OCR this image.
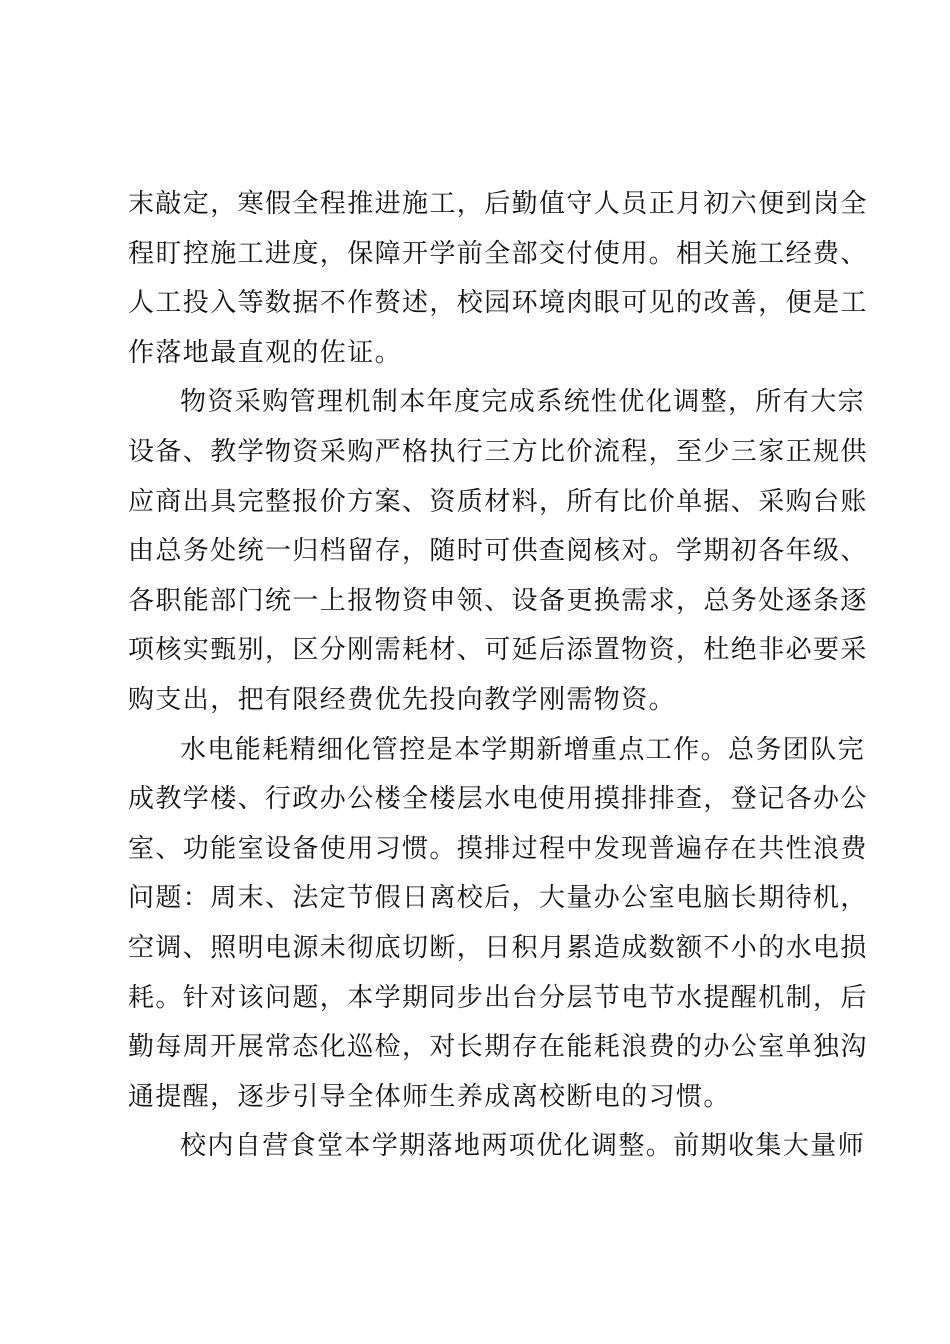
末敲定，寒假全程推进施工，后勤值守人员正月初六便到岗全
程盯控施工进度，保障开学前全部交付使用。相关施工经费、
人工投入等数据不作赘述，校园环境肉眼可见的改善，便是工
作落地最直观的佐证。
物资采购管理机制本年度完成系统性优化调整，所有大宗
设备、教学物资采购严格执行三方比价流程，至少三家正规供
应商出具完整报价方案、资质材料，所有比价单据、采购台账
由总务处统一归档留存，随时可供查阅核对。学期初各年级、
各职能部门统一上报物资申领、设备更换需求，总务处逐条逐
项核实甄别，区分刚需耗材、可延后添置物资，杜绝非必要采
购支出，把有限经费优先投向教学刚需物资。
水电能耗精细化管控是本学期新增重点工作。总务团队完
成教学楼、行政办公楼全楼层水电使用摸排排查，登记各办公
室、功能室设备使用习惯。摸排过程中发现普遍存在共性浪费
问题：周末、法定节假日离校后，大量办公室电脑长期待机，
空调、照明电源未彻底切断，日积月累造成数额不小的水电损
耗。针对该问题，本学期同步出台分层节电节水提醒机制，后
勤每周开展常态化巡检，对长期存在能耗浪费的办公室单独沟
通提醒，逐步引导全体师生养成离校断电的习惯。
校内自营食堂本学期落地两项优化调整。前期收集大量师
